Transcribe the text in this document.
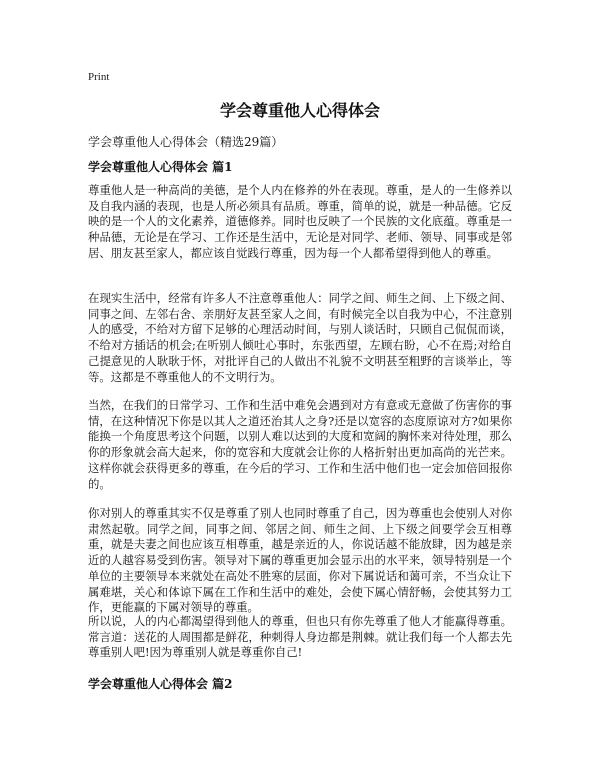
Print
学会尊重他人心得体会
学会尊重他人心得体会（精选29篇）
学会尊重他人心得体会 篇1

尊重他人是一种高尚的美德，是个人内在修养的外在表现。尊重，是人的一生修养以及自我内涵的表现，也是人所必须具有品质。尊重，简单的说，就是一种品德。它反映的是一个人的文化素养，道德修养。同时也反映了一个民族的文化底蕴。尊重是一种品德，无论是在学习、工作还是生活中，无论是对同学、老师、领导、同事或是邻居、朋友甚至家人，都应该自觉践行尊重，因为每一个人都希望得到他人的尊重。

在现实生活中，经常有许多人不注意尊重他人：同学之间、师生之间、上下级之间、同事之间、左邻右舍、亲朋好友甚至家人之间，有时候完全以自我为中心，不注意别人的感受，不给对方留下足够的心理活动时间，与别人谈话时，只顾自己侃侃而谈，不给对方插话的机会;在听别人倾吐心事时，东张西望，左顾右盼，心不在焉;对给自己提意见的人耿耿于怀，对批评自己的人做出不礼貌不文明甚至粗野的言谈举止，等等。这都是不尊重他人的不文明行为。

当然，在我们的日常学习、工作和生活中难免会遇到对方有意或无意做了伤害你的事情，在这种情况下你是以其人之道还治其人之身?还是以宽容的态度原谅对方?如果你能换一个角度思考这个问题，以别人难以达到的大度和宽阔的胸怀来对待处理，那么你的形象就会高大起来，你的宽容和大度就会让你的人格折射出更加高尚的光芒来。这样你就会获得更多的尊重，在今后的学习、工作和生活中他们也一定会加倍回报你的。

你对别人的尊重其实不仅是尊重了别人也同时尊重了自己，因为尊重也会使别人对你肃然起敬。同学之间，同事之间、邻居之间、师生之间、上下级之间要学会互相尊重，就是夫妻之间也应该互相尊重，越是亲近的人，你说话越不能放肆，因为越是亲近的人越容易受到伤害。领导对下属的尊重更加会显示出的水平来，领导特别是一个单位的主要领导本来就处在高处不胜寒的层面，你对下属说话和蔼可亲，不当众让下属难堪，关心和体谅下属在工作和生活中的难处，会使下属心情舒畅，会使其努力工作，更能赢的下属对领导的尊重。

所以说，人的内心都渴望得到他人的尊重，但也只有你先尊重了他人才能赢得尊重。常言道：送花的人周围都是鲜花，种刺得人身边都是荆棘。就让我们每一个人都去先尊重别人吧!因为尊重别人就是尊重你自己!

学会尊重他人心得体会 篇2
